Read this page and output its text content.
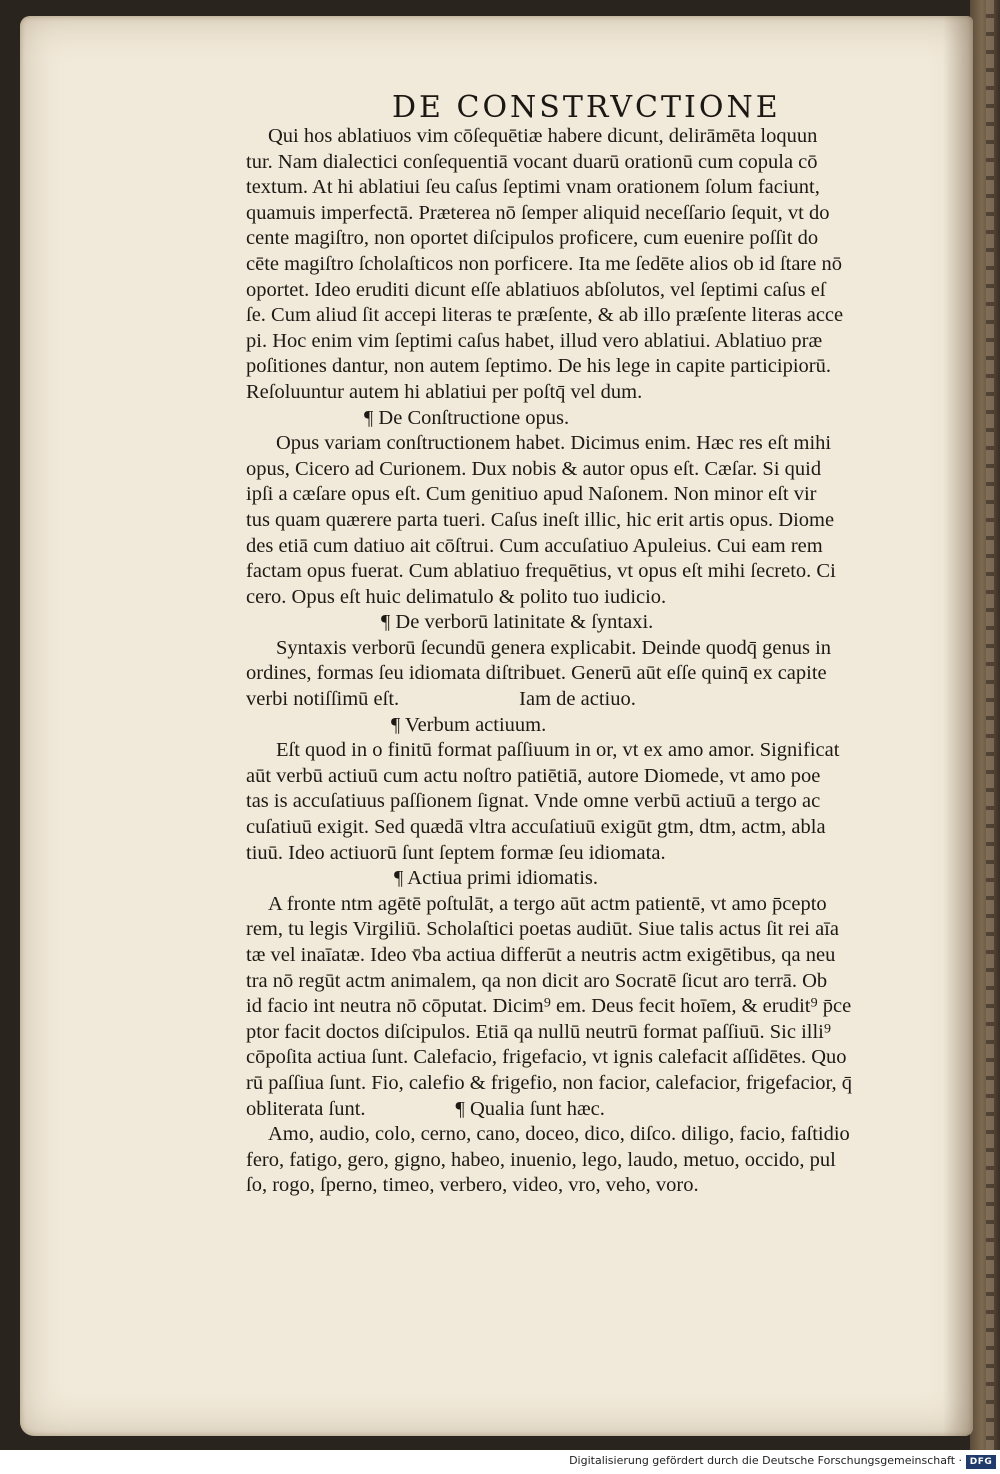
DE CONSTRVCTIONE
Qui hos ablatiuos vim cōſequētiæ habere dicunt, delirāmēta loquun
tur. Nam dialectici conſequentiā vocant duarū orationū cum copula cō
textum. At hi ablatiui ſeu caſus ſeptimi vnam orationem ſolum faciunt,
quamuis imperfectā. Præterea nō ſemper aliquid neceſſario ſequit, vt do
cente magiſtro, non oportet diſcipulos proficere, cum euenire poſſit do
cēte magiſtro ſcholaſticos non porficere. Ita me ſedēte alios ob id ſtare nō
oportet. Ideo eruditi dicunt eſſe ablatiuos abſolutos, vel ſeptimi caſus eſ
ſe. Cum aliud ſit accepi literas te præſente, & ab illo præſente literas acce
pi. Hoc enim vim ſeptimi caſus habet, illud vero ablatiui. Ablatiuo præ
poſitiones dantur, non autem ſeptimo. De his lege in capite participiorū.
Reſoluuntur autem hi ablatiui per poſtq̄ vel dum.
¶ De Conſtructione opus.
Opus variam conſtructionem habet. Dicimus enim. Hæc res eſt mihi
opus, Cicero ad Curionem. Dux nobis & autor opus eſt. Cæſar. Si quid
ipſi a cæſare opus eſt. Cum genitiuo apud Naſonem. Non minor eſt vir
tus quam quærere parta tueri. Caſus ineſt illic, hic erit artis opus. Diome
des etiā cum datiuo ait cōſtrui. Cum accuſatiuo Apuleius. Cui eam rem
factam opus fuerat. Cum ablatiuo frequētius, vt opus eſt mihi ſecreto. Ci
cero. Opus eſt huic delimatulo & polito tuo iudicio.
¶ De verborū latinitate & ſyntaxi.
Syntaxis verborū ſecundū genera explicabit. Deinde quodq̄ genus in
ordines, formas ſeu idiomata diſtribuet. Generū aūt eſſe quinq̄ ex capite
verbi notiſſimū eſt.	Iam de actiuo.
¶ Verbum actiuum.
Eſt quod in o finitū format paſſiuum in or, vt ex amo amor. Significat
aūt verbū actiuū cum actu noſtro patiētiā, autore Diomede, vt amo poe
tas is accuſatiuus paſſionem ſignat. Vnde omne verbū actiuū a tergo ac
cuſatiuū exigit. Sed quædā vltra accuſatiuū exigūt gtm, dtm, actm, abla
tiuū. Ideo actiuorū ſunt ſeptem formæ ſeu idiomata.
¶ Actiua primi idiomatis.
A fronte ntm agētē poſtulāt, a tergo aūt actm patientē, vt amo p̄cepto
rem, tu legis Virgiliū. Scholaſtici poetas audiūt. Siue talis actus ſit rei aīa
tæ vel inaīatæ. Ideo v̄ba actiua differūt a neutris actm exigētibus, qa neu
tra nō regūt actm animalem, qa non dicit aro Socratē ſicut aro terrā. Ob
id facio int neutra nō cōputat. Dicim⁹ em. Deus fecit hoīem, & erudit⁹ p̄ce
ptor facit doctos diſcipulos. Etiā qa nullū neutrū format paſſiuū. Sic illi⁹
cōpoſita actiua ſunt. Calefacio, frigefacio, vt ignis calefacit aſſidētes. Quo
rū paſſiua ſunt. Fio, calefio & frigefio, non facior, calefacior, frigefacior, q̄
obliterata ſunt.	¶ Qualia ſunt hæc.
Amo, audio, colo, cerno, cano, doceo, dico, diſco. diligo, facio, faſtidio
fero, fatigo, gero, gigno, habeo, inuenio, lego, laudo, metuo, occido, pul
ſo, rogo, ſperno, timeo, verbero, video, vro, veho, voro.
Digitalisierung gefördert durch die Deutsche Forschungsgemeinschaft · DFG
